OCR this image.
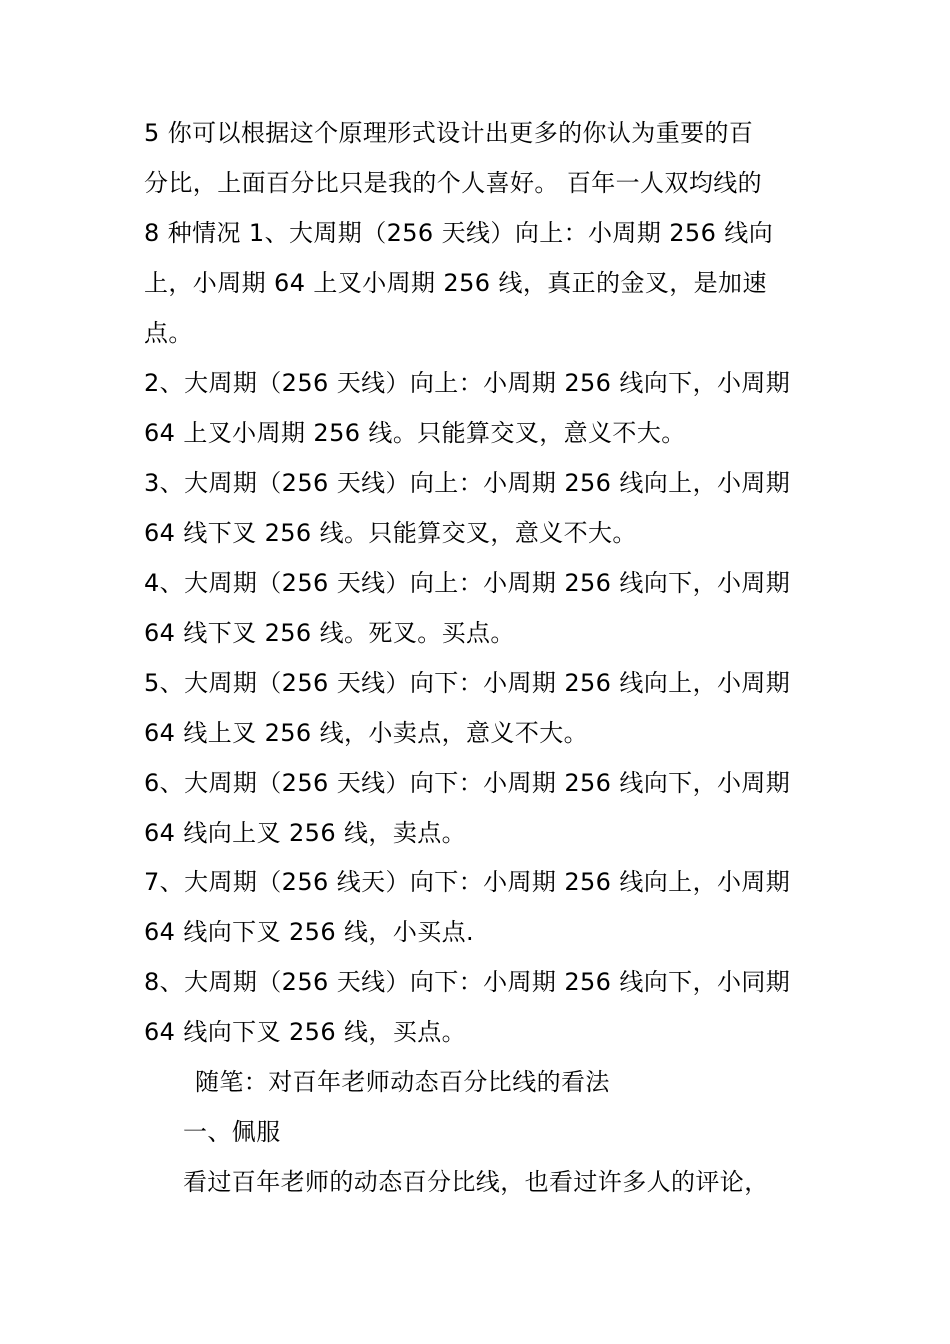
5 你可以根据这个原理形式设计出更多的你认为重要的百
分比，上面百分比只是我的个人喜好。 百年一人双均线的
8 种情况 1、大周期（256 天线）向上：小周期 256 线向
上，小周期 64 上叉小周期 256 线，真正的金叉，是加速
点。
2、大周期（256 天线）向上：小周期 256 线向下，小周期
64 上叉小周期 256 线。只能算交叉，意义不大。
3、大周期（256 天线）向上：小周期 256 线向上，小周期
64 线下叉 256 线。只能算交叉，意义不大。
4、大周期（256 天线）向上：小周期 256 线向下，小周期
64 线下叉 256 线。死叉。买点。
5、大周期（256 天线）向下：小周期 256 线向上，小周期
64 线上叉 256 线，小卖点，意义不大。
6、大周期（256 天线）向下：小周期 256 线向下，小周期
64 线向上叉 256 线，卖点。
7、大周期（256 线天）向下：小周期 256 线向上，小周期
64 线向下叉 256 线，小买点.
8、大周期（256 天线）向下：小周期 256 线向下，小同期
64 线向下叉 256 线，买点。
随笔：对百年老师动态百分比线的看法
一、佩服
看过百年老师的动态百分比线，也看过许多人的评论，
